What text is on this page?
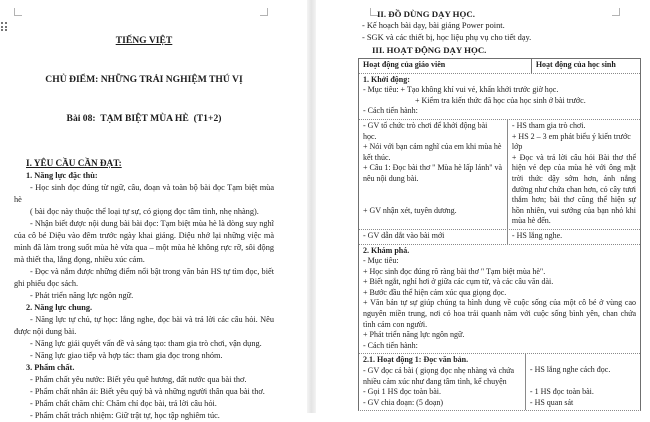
TIẾNG VIỆT

CHỦ ĐIỂM: NHỮNG TRẢI NGHIỆM THÚ VỊ

Bài 08:  TẠM BIỆT MÙA HÈ  (T1+2)

I. YÊU CẦU CẦN ĐẠT:
1. Năng lực đặc thù:
- Học sinh đọc đúng từ ngữ, câu, đoạn và toàn bộ bài đọc Tạm biệt mùa hè
( bài đọc này thuộc thể loại tự sự, có giọng đọc tâm tình, nhẹ nhàng).
- Nhận biết được nội dung bài bài đọc: Tạm biệt mùa hè là dòng suy nghĩ của cô bé Diệu vào đêm trước ngày khai giảng. Diệu nhớ lại những việc mà mình đã làm trong suốt mùa hè vừa qua – một mùa hè không rực rỡ, sôi động mà thiết tha, lắng đọng, nhiều xúc cảm.
- Đọc và nắm được những điểm nổi bật trong văn bản HS tự tìm đọc, biết ghi phiếu đọc sách.
- Phát triển năng lực ngôn ngữ.
2. Năng lực chung.
- Năng lực tự chủ, tự học: lắng nghe, đọc bài và trả lời các câu hỏi. Nêu được nội dung bài.
- Năng lực giải quyết vấn đề và sáng tạo: tham gia trò chơi, vận dụng.
- Năng lực giao tiếp và hợp tác: tham gia đọc trong nhóm.
3. Phẩm chất.
- Phẩm chất yêu nước: Biết yêu quê hương, đất nước qua bài thơ.
- Phẩm chất nhân ái: Biết yêu quý bà và những người thân qua bài thơ.
- Phẩm chất chăm chỉ: Chăm chỉ đọc bài, trả lời câu hỏi.
- Phẩm chất trách nhiệm: Giữ trật tự, học tập nghiêm túc.
II. ĐỒ DÙNG DẠY HỌC.
- Kế hoạch bài dạy, bài giảng Power point.
- SGK và các thiết bị, học liệu phụ vụ cho tiết dạy.
III. HOẠT ĐỘNG DẠY HỌC.
Hoạt động của giáo viên	Hoạt động của học sinh
1. Khởi động:
- Mục tiêu: + Tạo không khí vui vẻ, khấn khởi trước giờ học.
+ Kiểm tra kiến thức đã học của học sinh ở bài trước.
- Cách tiến hành:
- GV tổ chức trò chơi để khởi động bài học.
+ Nói với bạn cảm nghĩ của em khi mùa hè kết thúc.
+ Câu 1: Đọc bài thơ " Mùa hè lấp lánh" và nêu nội dung bài.
+ GV nhận xét, tuyên dương.
- HS tham gia trò chơi.
+ HS 2 – 3 em phát biểu ý kiến trước lớp
+ Đọc và trả lời câu hỏi Bài thơ thể hiện vẻ đẹp của mùa hè với ông mặt trời thức dậy sớm hơn, ánh nắng đường như chứa chan hơn, cỏ cây tươi thắm hơn; bài thơ cũng thể hiện sự hồn nhiên, vui sướng của bạn nhỏ khi mùa hè đến.
- GV dẫn dắt vào bài mới	- HS lắng nghe.
2. Khám phá.
- Mục tiêu:
+ Học sinh đọc đúng rõ ràng bài thơ " Tạm biệt mùa hè".
+ Biết ngắt, nghỉ hơi ở giữa các cụm từ, và các câu văn dài.
+ Bước đầu thể hiện cảm xúc qua giọng đọc.
+ Văn bản tự sự giúp chúng ta hình dung về cuộc sống của một cô bé ở vùng cao nguyên miền trung, nơi có hoa trái quanh năm với cuộc sống bình yên, chan chứa tình cảm con người.
+ Phát triển năng lực ngôn ngữ.
- Cách tiến hành:
2.1. Hoạt động 1: Đọc văn bản.
- GV đọc cả bài ( giọng đọc nhẹ nhàng và chứa nhiều cảm xúc như đang tâm tình, kể chuyện
- Gọi 1 HS đọc toàn bài.
- GV chia đoạn: (5 đoạn)
- HS lắng nghe cách đọc.
- 1 HS đọc toàn bài.
- HS quan sát
